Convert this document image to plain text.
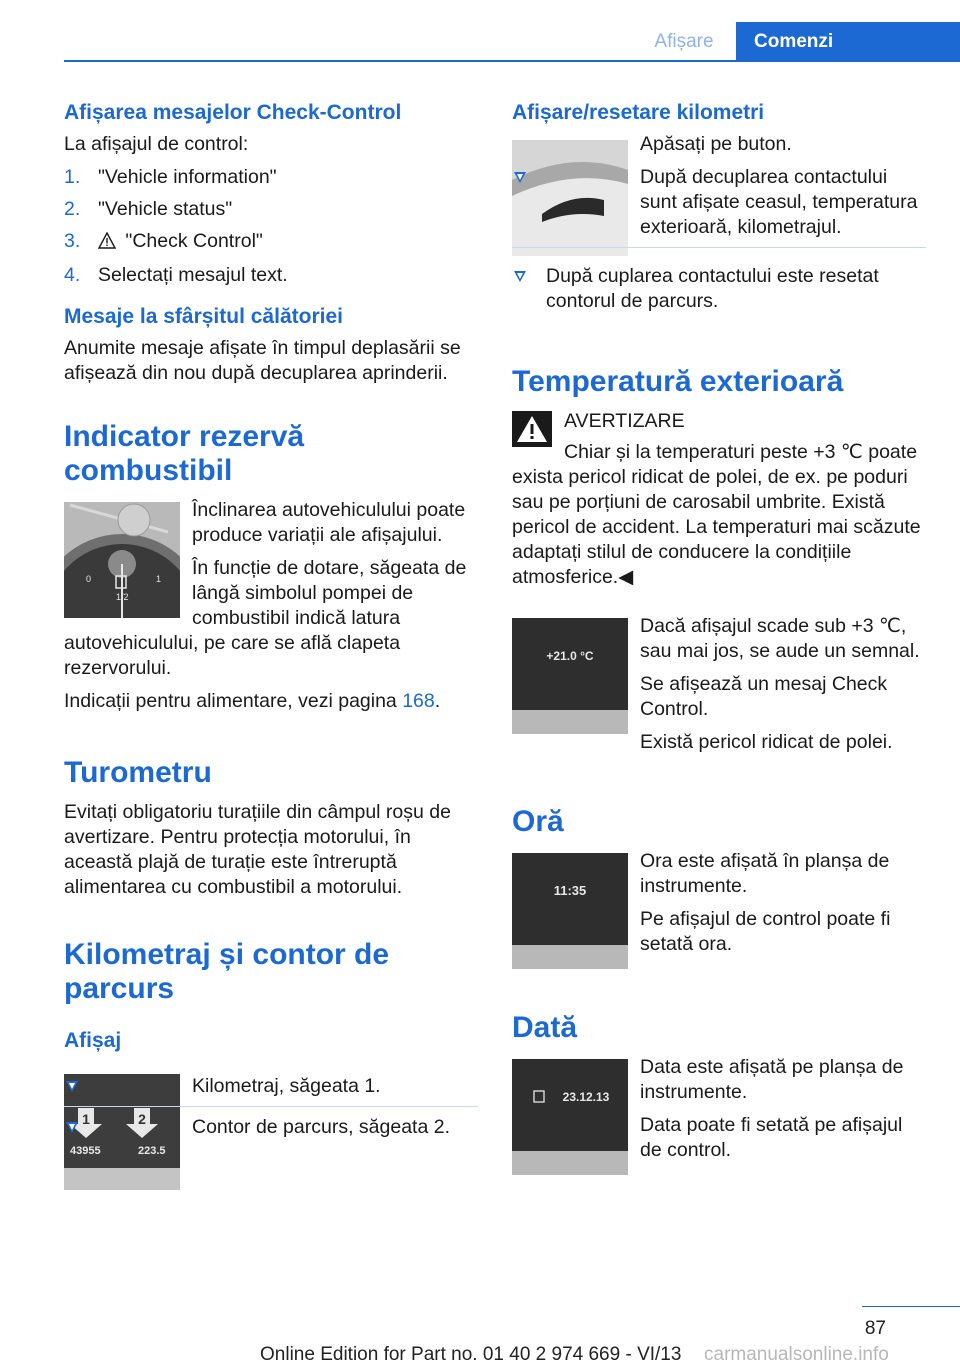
Afișare	Comenzi
Afișarea mesajelor Check-Control

La afișajul de control:

1. "Vehicle information"
2. "Vehicle status"
3. "Check Control"
4. Selectați mesajul text.
Mesaje la sfârșitul călătoriei

Anumite mesaje afișate în timpul deplasării se afișează din nou după decuplarea aprinderii.

Indicator rezervă combustibil
0
1/2
1

Înclinarea autovehiculului poate produce variații ale afișajului.

În funcție de dotare, săgeata de lângă simbolul pompei de combustibil indică latura autovehiculului, pe care se află clapeta rezervorului.

Indicații pentru alimentare, vezi pagina 168.

Turometru

Evitați obligatoriu turațiile din câmpul roșu de avertizare. Pentru protecția motorului, în această plajă de turație este întreruptă alimentarea cu combustibil a motorului.

Kilometraj și contor de parcurs
Afișaj
1	2
43955	223.5
Kilometraj, săgeata 1.
Contor de parcurs, săgeata 2.
Afișare/resetare kilometri

Apăsați pe buton.

După decuplarea contactului sunt afișate ceasul, temperatura exterioară, kilometrajul.
După cuplarea contactului este resetat contorul de parcurs.
Temperatură exterioară

AVERTIZARE

Chiar și la temperaturi peste +3 ℃ poate exista pericol ridicat de polei, de ex. pe poduri sau pe porțiuni de carosabil umbrite. Există pericol de accident. La temperaturi mai scăzute adaptați stilul de conducere la condițiile atmosferice.◀

+21.0 °C

Dacă afișajul scade sub +3 ℃, sau mai jos, se aude un semnal.

Se afișează un mesaj Check Control.

Există pericol ridicat de polei.

Oră
11:35

Ora este afișată în planșa de instrumente.

Pe afișajul de control poate fi setată ora.

Dată
23.12.13

Data este afișată pe planșa de instrumente.

Data poate fi setată pe afișajul de control.

87
Online Edition for Part no. 01 40 2 974 669 - VI/13 carmanualsonline.info
